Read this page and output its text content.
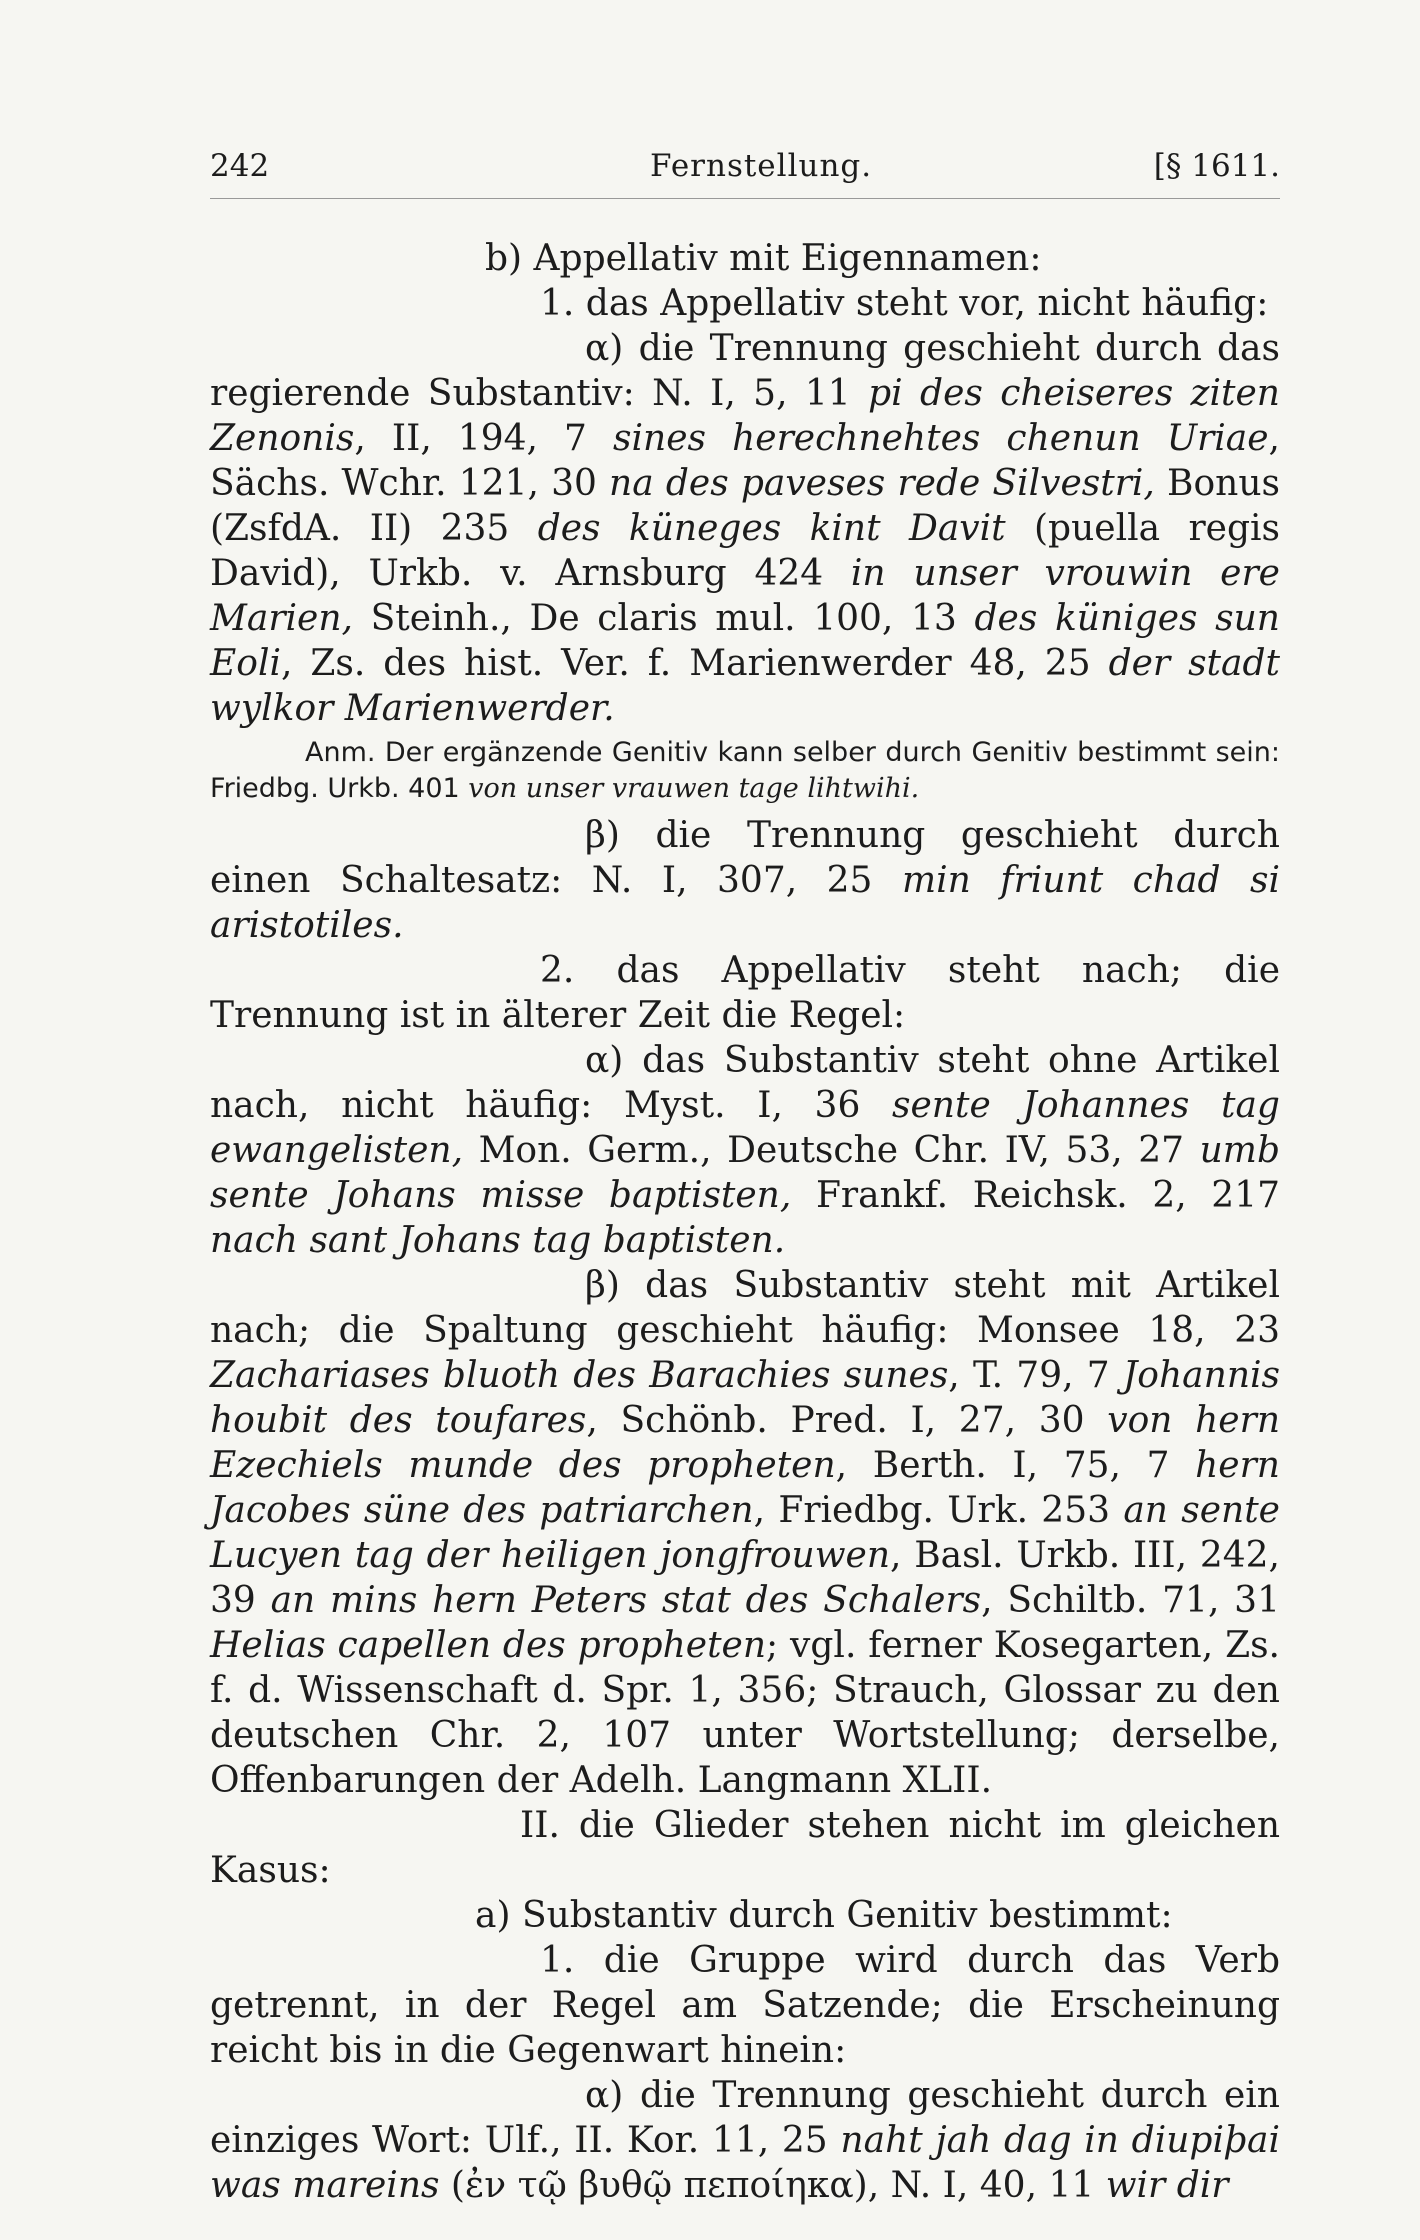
242	Fernstellung.	[§ 1611.

b) Appellativ mit Eigennamen:

1. das Appellativ steht vor, nicht häufig:

α) die Trennung geschieht durch das regierende Substantiv: N. I, 5, 11 pi des cheiseres ziten Zenonis, II, 194, 7 sines herechnehtes chenun Uriae, Sächs. Wchr. 121, 30 na des paveses rede Silvestri, Bonus (ZsfdA. II) 235 des küneges kint Davit (puella regis David), Urkb. v. Arnsburg 424 in unser vrouwin ere Marien, Steinh., De claris mul. 100, 13 des küniges sun Eoli, Zs. des hist. Ver. f. Marienwerder 48, 25 der stadt wylkor Marienwerder.

Anm. Der ergänzende Genitiv kann selber durch Genitiv bestimmt sein: Friedbg. Urkb. 401 von unser vrauwen tage lihtwihi.

β) die Trennung geschieht durch einen Schaltesatz: N. I, 307, 25 min friunt chad si aristotiles.

2. das Appellativ steht nach; die Trennung ist in älterer Zeit die Regel:

α) das Substantiv steht ohne Artikel nach, nicht häufig: Myst. I, 36 sente Johannes tag ewangelisten, Mon. Germ., Deutsche Chr. IV, 53, 27 umb sente Johans misse baptisten, Frankf. Reichsk. 2, 217 nach sant Johans tag baptisten.

β) das Substantiv steht mit Artikel nach; die Spaltung geschieht häufig: Monsee 18, 23 Zachariases bluoth des Barachies sunes, T. 79, 7 Johannis houbit des toufares, Schönb. Pred. I, 27, 30 von hern Ezechiels munde des propheten, Berth. I, 75, 7 hern Jacobes süne des patriarchen, Friedbg. Urk. 253 an sente Lucyen tag der heiligen jongfrouwen, Basl. Urkb. III, 242, 39 an mins hern Peters stat des Schalers, Schiltb. 71, 31 Helias capellen des propheten; vgl. ferner Kosegarten, Zs. f. d. Wissenschaft d. Spr. 1, 356; Strauch, Glossar zu den deutschen Chr. 2, 107 unter Wortstellung; derselbe, Offenbarungen der Adelh. Langmann XLII.

II. die Glieder stehen nicht im gleichen Kasus:

a) Substantiv durch Genitiv bestimmt:

1. die Gruppe wird durch das Verb getrennt, in der Regel am Satzende; die Erscheinung reicht bis in die Gegenwart hinein:

α) die Trennung geschieht durch ein einziges Wort: Ulf., II. Kor. 11, 25 naht jah dag in diupiþai was mareins (ἐν τῷ βυθῷ πεποίηκα), N. I, 40, 11 wir dir
